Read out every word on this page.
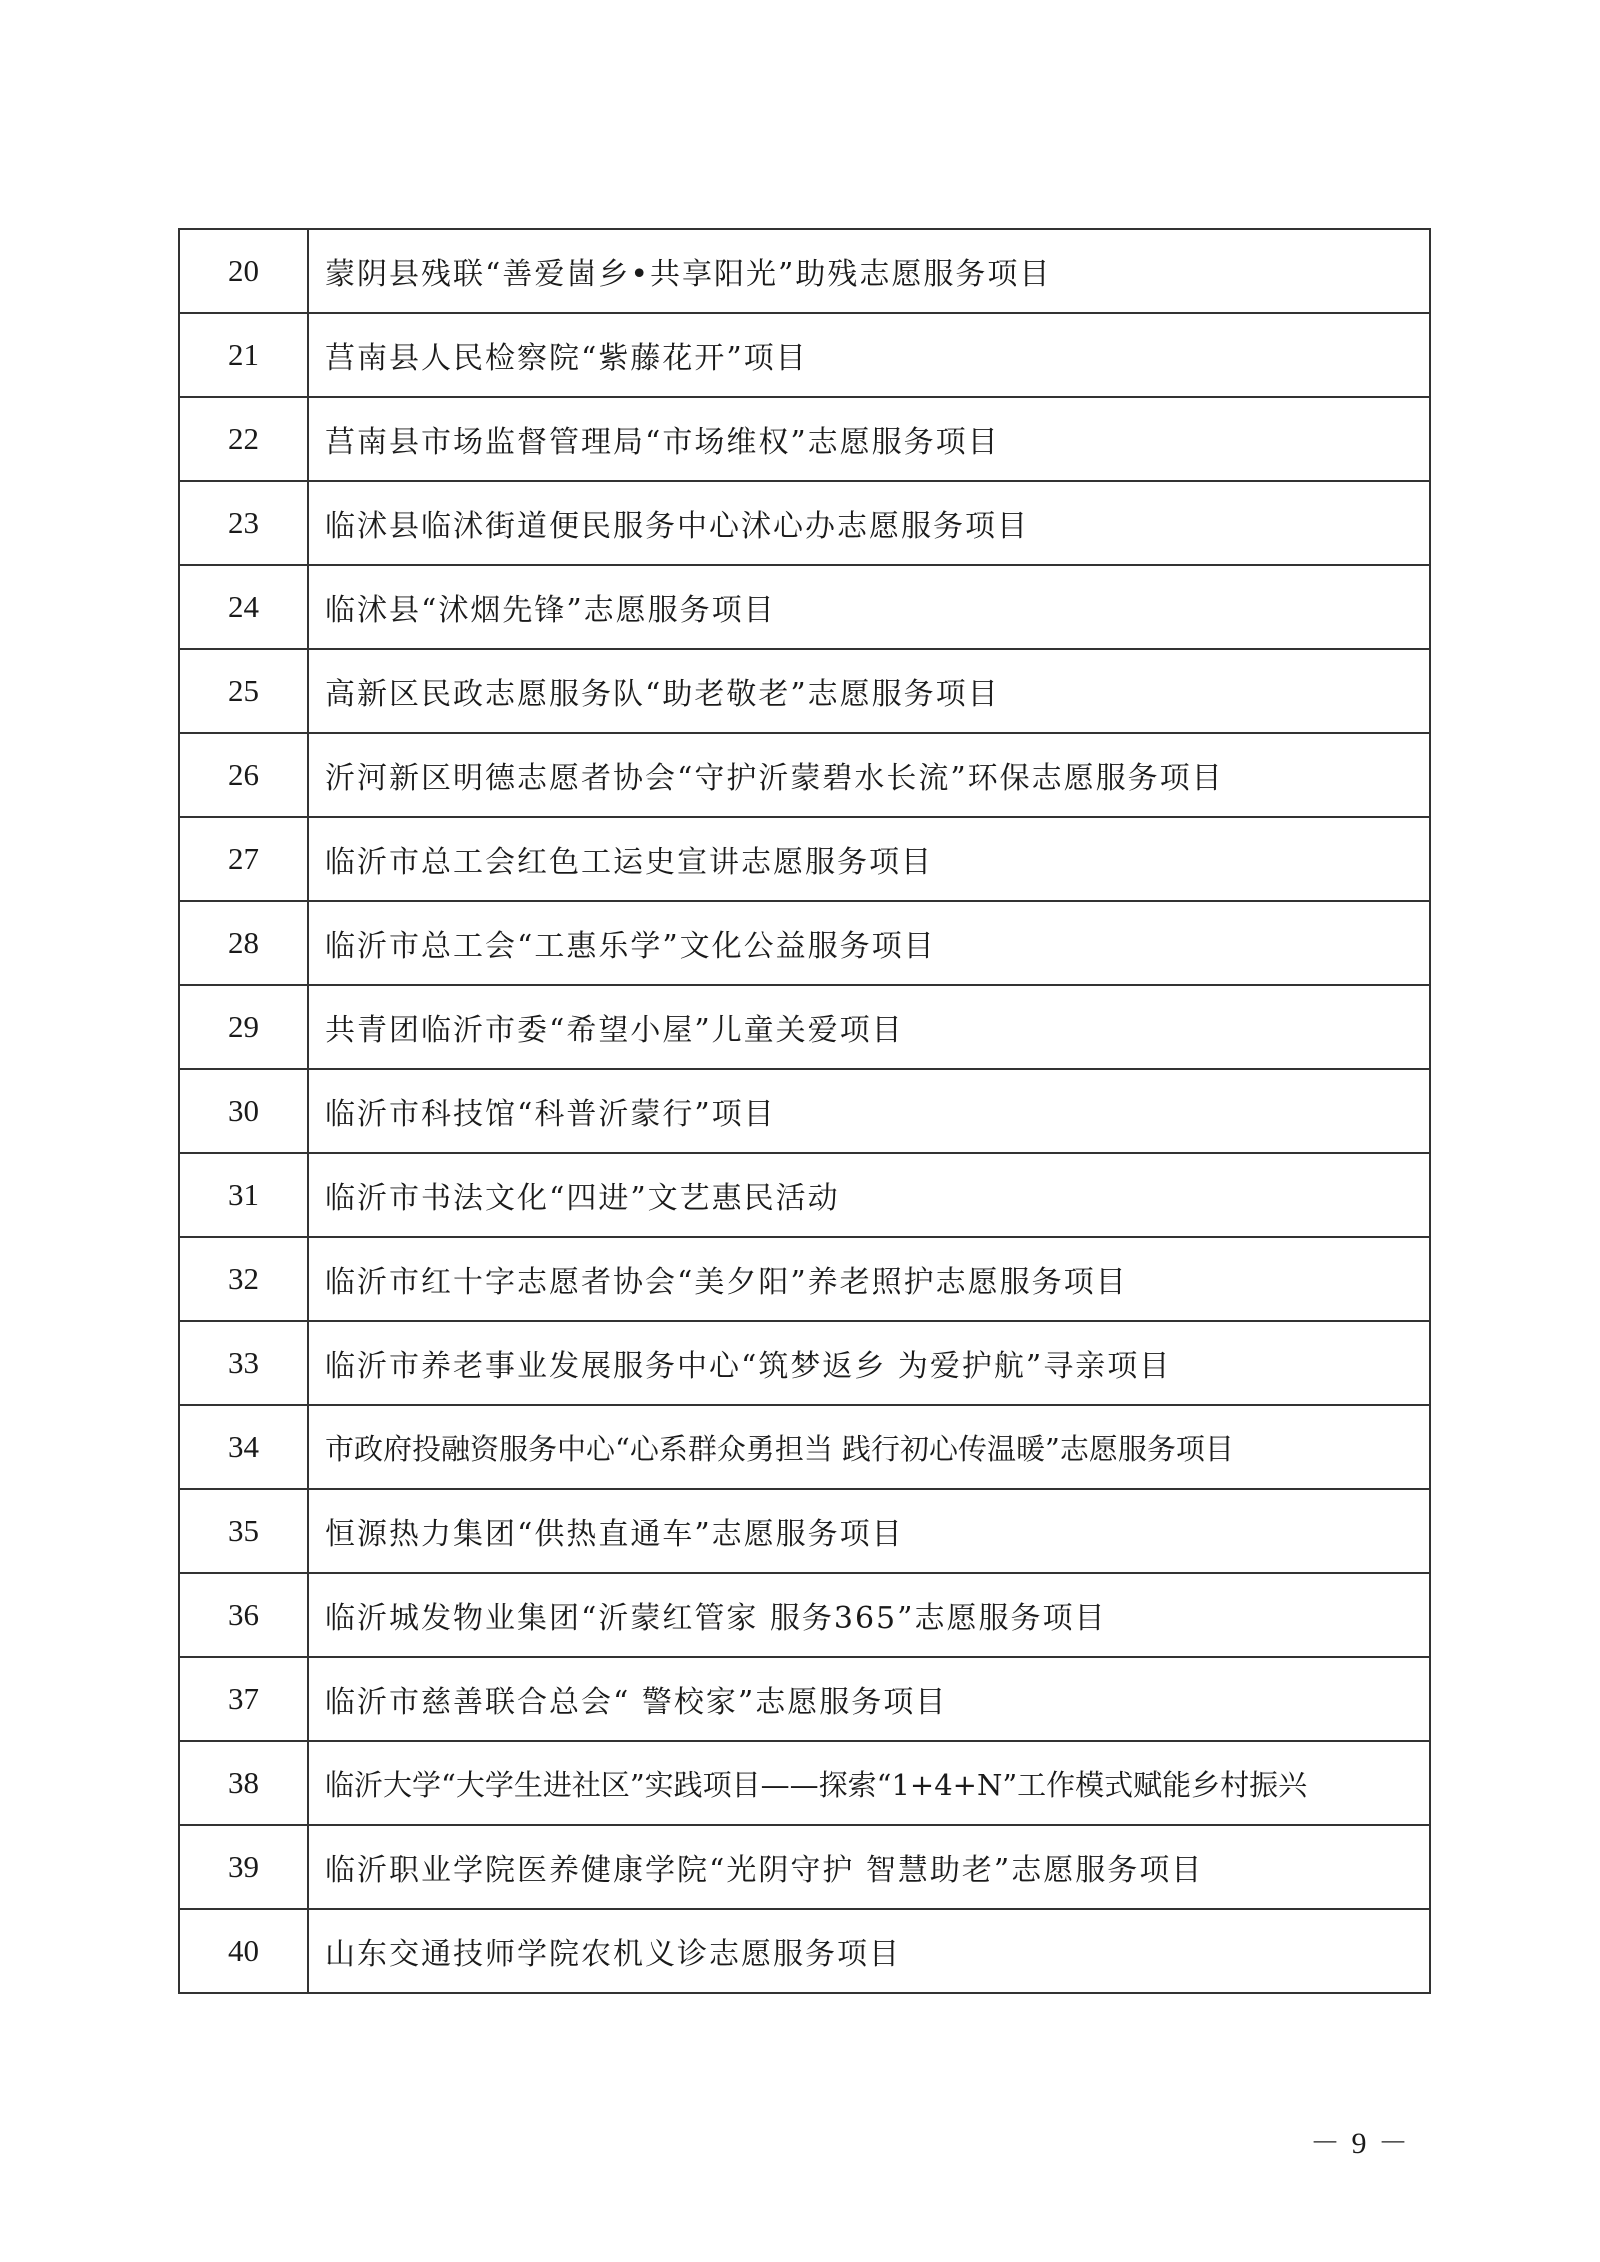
20	蒙阴县残联“善爱崮乡•共享阳光”助残志愿服务项目
21	莒南县人民检察院“紫藤花开”项目
22	莒南县市场监督管理局“市场维权”志愿服务项目
23	临沭县临沭街道便民服务中心沭心办志愿服务项目
24	临沭县“沭烟先锋”志愿服务项目
25	高新区民政志愿服务队“助老敬老”志愿服务项目
26	沂河新区明德志愿者协会“守护沂蒙碧水长流”环保志愿服务项目
27	临沂市总工会红色工运史宣讲志愿服务项目
28	临沂市总工会“工惠乐学”文化公益服务项目
29	共青团临沂市委“希望小屋”儿童关爱项目
30	临沂市科技馆“科普沂蒙行”项目
31	临沂市书法文化“四进”文艺惠民活动
32	临沂市红十字志愿者协会“美夕阳”养老照护志愿服务项目
33	临沂市养老事业发展服务中心“筑梦返乡 为爱护航”寻亲项目
34	市政府投融资服务中心“心系群众勇担当 践行初心传温暖”志愿服务项目
35	恒源热力集团“供热直通车”志愿服务项目
36	临沂城发物业集团“沂蒙红管家 服务365”志愿服务项目
37	临沂市慈善联合总会“ 警校家”志愿服务项目
38	临沂大学“大学生进社区”实践项目——探索“1+4+N”工作模式赋能乡村振兴
39	临沂职业学院医养健康学院“光阴守护 智慧助老”志愿服务项目
40	山东交通技师学院农机义诊志愿服务项目
－ 9 －
